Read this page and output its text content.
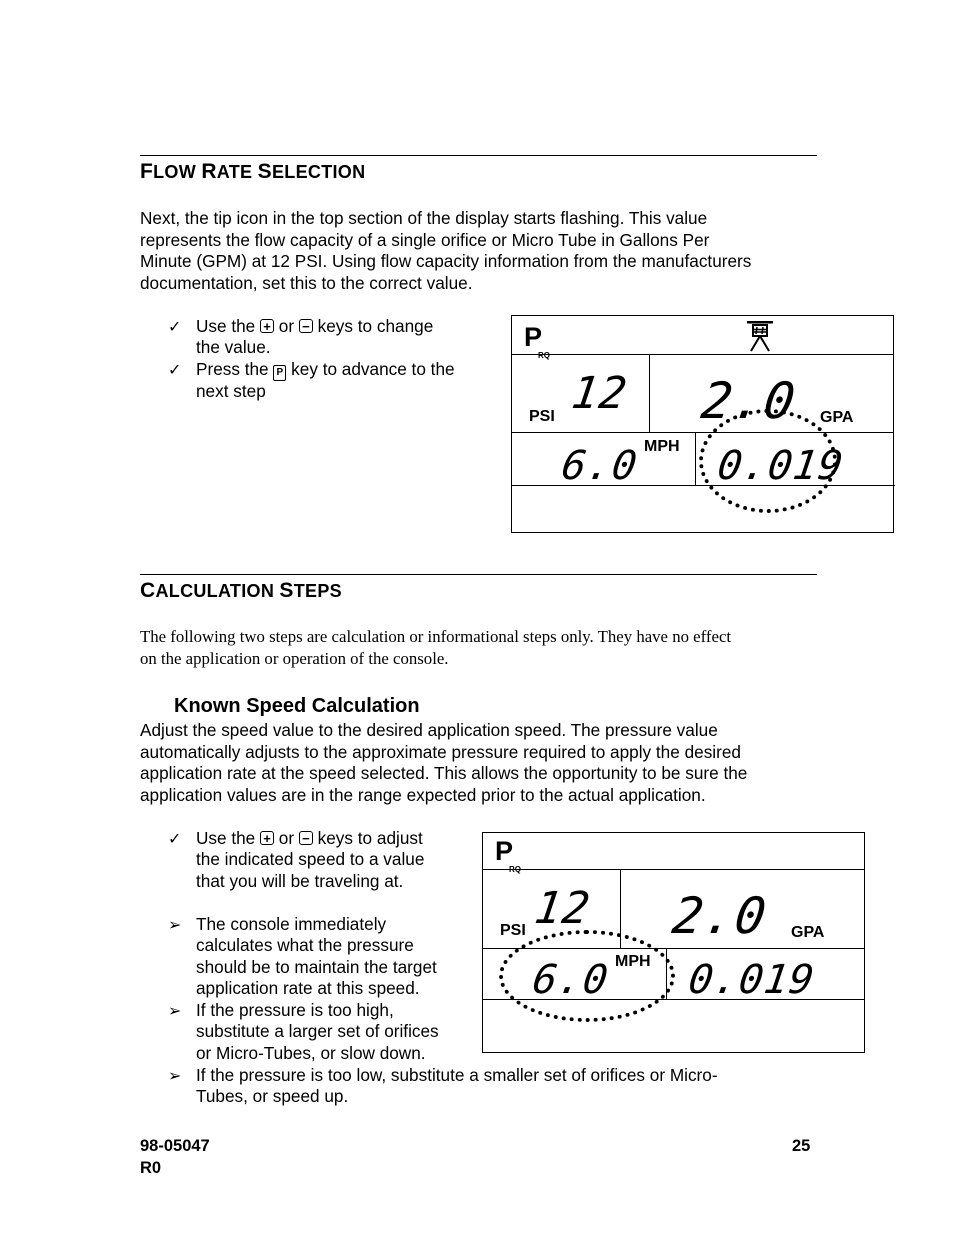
FLOW RATE SELECTION
Next, the tip icon in the top section of the display starts flashing. This value
represents the flow capacity of a single orifice or Micro Tube in Gallons Per
Minute (GPM) at 12 PSI. Using flow capacity information from the manufacturers
documentation, set this to the correct value.
✓ Use the + or − keys to change
the value.
✓ Press the P key to advance to the
next step
P
RQ
12
PSI	2.0 GPA
MPH
6.0 0.019
CALCULATION STEPS
The following two steps are calculation or informational steps only. They have no effect
on the application or operation of the console.
Known Speed Calculation
Adjust the speed value to the desired application speed. The pressure value
automatically adjusts to the approximate pressure required to apply the desired
application rate at the speed selected. This allows the opportunity to be sure the
application values are in the range expected prior to the actual application.
✓ Use the + or − keys to adjust
the indicated speed to a value
that you will be traveling at.
➢ The console immediately
calculates what the pressure
should be to maintain the target
application rate at this speed.
➢ If the pressure is too high,
substitute a larger set of orifices
or Micro-Tubes, or slow down.
➢ If the pressure is too low, substitute a smaller set of orifices or Micro-
Tubes, or speed up.
P
RQ
12
PSI	2.0 GPA
MPH
6.0 0.019
98-05047
R0
25
